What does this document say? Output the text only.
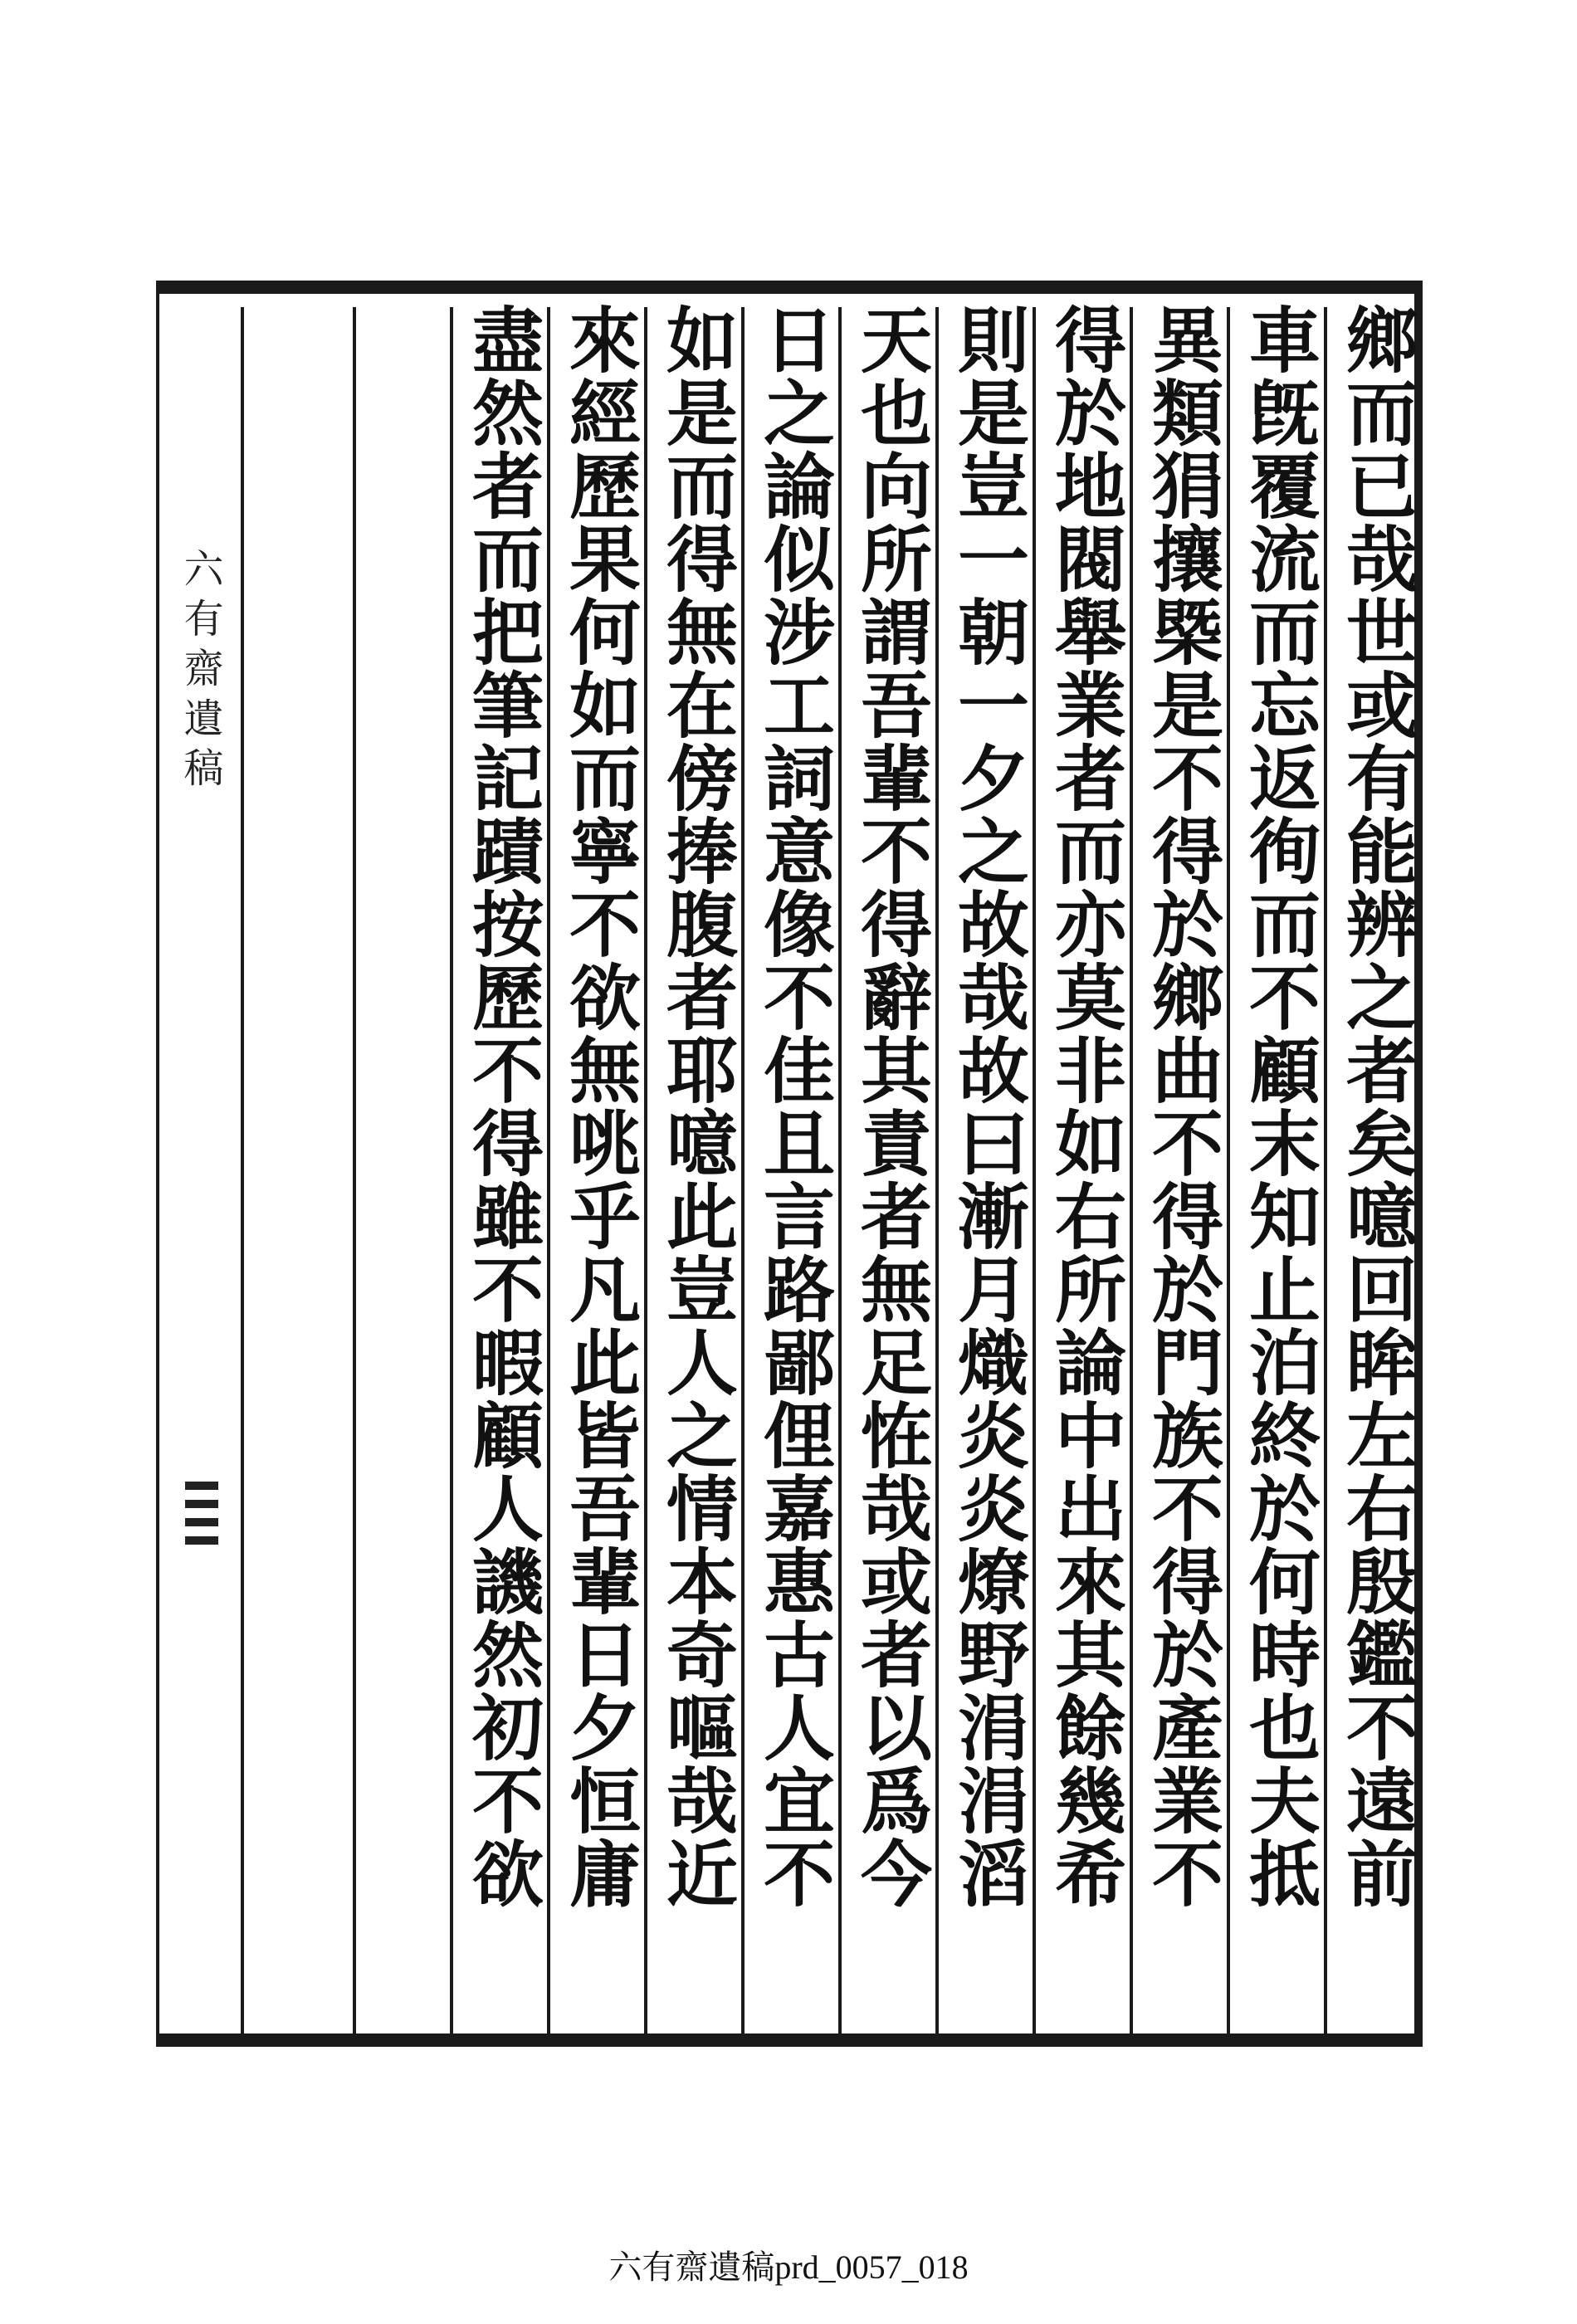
鄉而已哉世或有能辨之者矣噫回眸左右殷鑑不遠前
車旣覆流而忘返徇而不顧末知止泊終於何時也夫抵
異類狷攘槩是不得於鄉曲不得於門族不得於產業不
得於地閥舉業者而亦莫非如右所論中出來其餘幾希
則是豈一朝一夕之故哉故曰漸月熾炎炎燎野涓涓滔
天也向所謂吾輩不得辭其責者無足恠哉或者以爲今
日之論似涉工詞意像不佳且言路鄙俚嘉惠古人宜不
如是而得無在傍捧腹者耶噫此豈人之情本奇嘔哉近
來經歷果何如而寧不欲無咷乎凡此皆吾輩日夕恒庸
盡然者而把筆記蹟按歷不得雖不暇顧人譏然初不欲
六有齋遺稿
六有齋遺稿prd_0057_018
